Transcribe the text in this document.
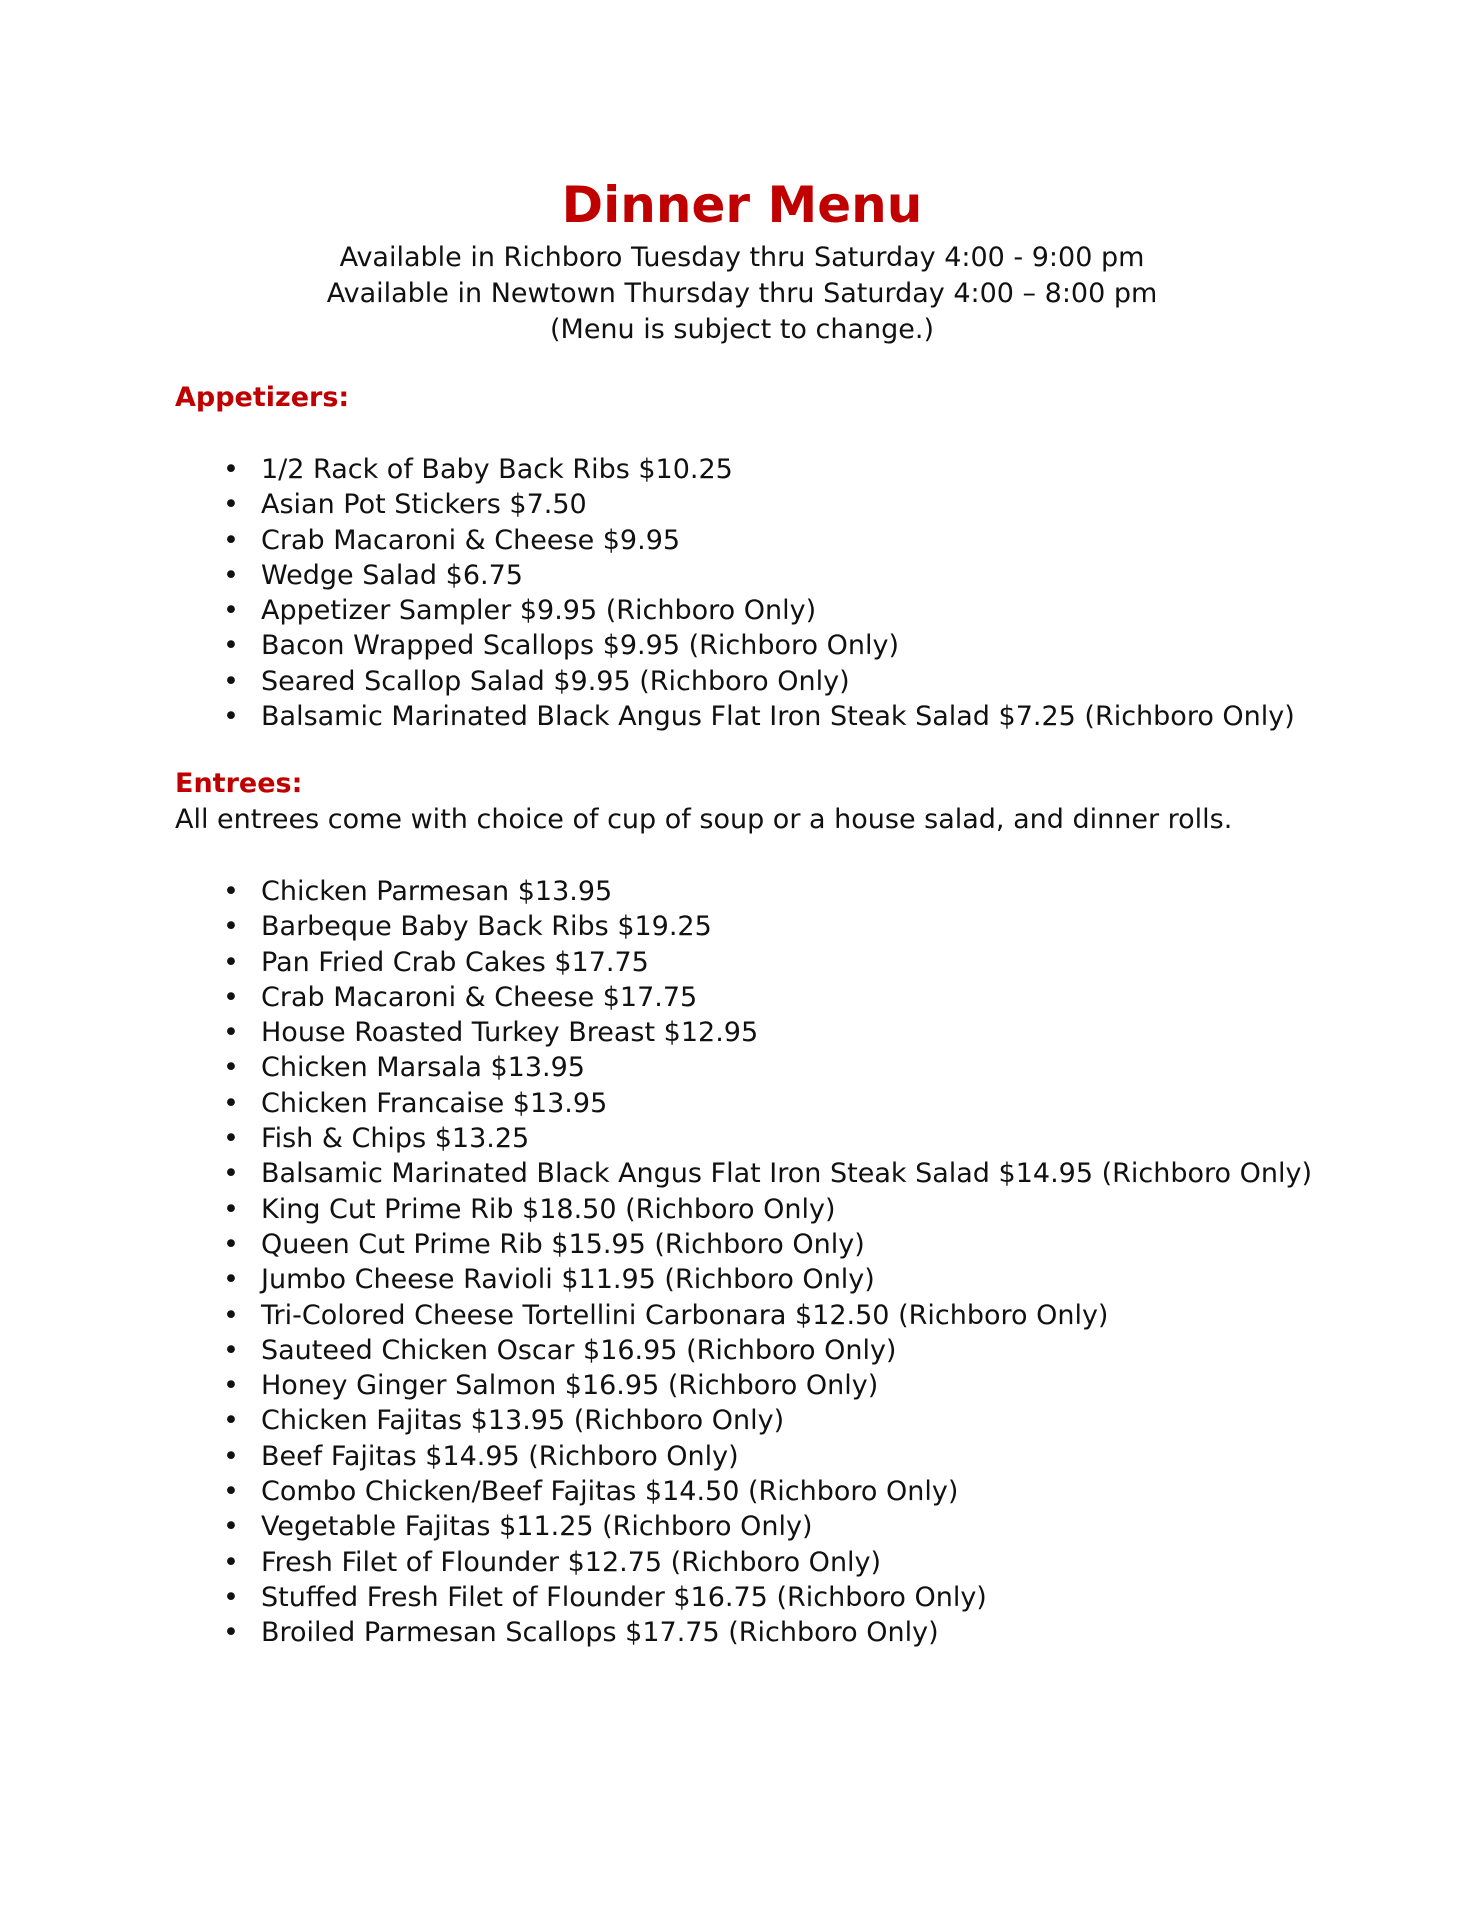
Dinner Menu

Available in Richboro Tuesday thru Saturday 4:00 - 9:00 pm

Available in Newtown Thursday thru Saturday 4:00 – 8:00 pm

(Menu is subject to change.)

Appetizers:
• 1/2 Rack of Baby Back Ribs $10.25
• Asian Pot Stickers $7.50
• Crab Macaroni & Cheese $9.95
• Wedge Salad $6.75
• Appetizer Sampler $9.95 (Richboro Only)
• Bacon Wrapped Scallops $9.95 (Richboro Only)
• Seared Scallop Salad $9.95 (Richboro Only)
• Balsamic Marinated Black Angus Flat Iron Steak Salad $7.25 (Richboro Only)
Entrees:

All entrees come with choice of cup of soup or a house salad, and dinner rolls.

• Chicken Parmesan $13.95
• Barbeque Baby Back Ribs $19.25
• Pan Fried Crab Cakes $17.75
• Crab Macaroni & Cheese $17.75
• House Roasted Turkey Breast $12.95
• Chicken Marsala $13.95
• Chicken Francaise $13.95
• Fish & Chips $13.25
• Balsamic Marinated Black Angus Flat Iron Steak Salad $14.95 (Richboro Only)
• King Cut Prime Rib $18.50 (Richboro Only)
• Queen Cut Prime Rib $15.95 (Richboro Only)
• Jumbo Cheese Ravioli $11.95 (Richboro Only)
• Tri-Colored Cheese Tortellini Carbonara $12.50 (Richboro Only)
• Sauteed Chicken Oscar $16.95 (Richboro Only)
• Honey Ginger Salmon $16.95 (Richboro Only)
• Chicken Fajitas $13.95 (Richboro Only)
• Beef Fajitas $14.95 (Richboro Only)
• Combo Chicken/Beef Fajitas $14.50 (Richboro Only)
• Vegetable Fajitas $11.25 (Richboro Only)
• Fresh Filet of Flounder $12.75 (Richboro Only)
• Stuffed Fresh Filet of Flounder $16.75 (Richboro Only)
• Broiled Parmesan Scallops $17.75 (Richboro Only)
